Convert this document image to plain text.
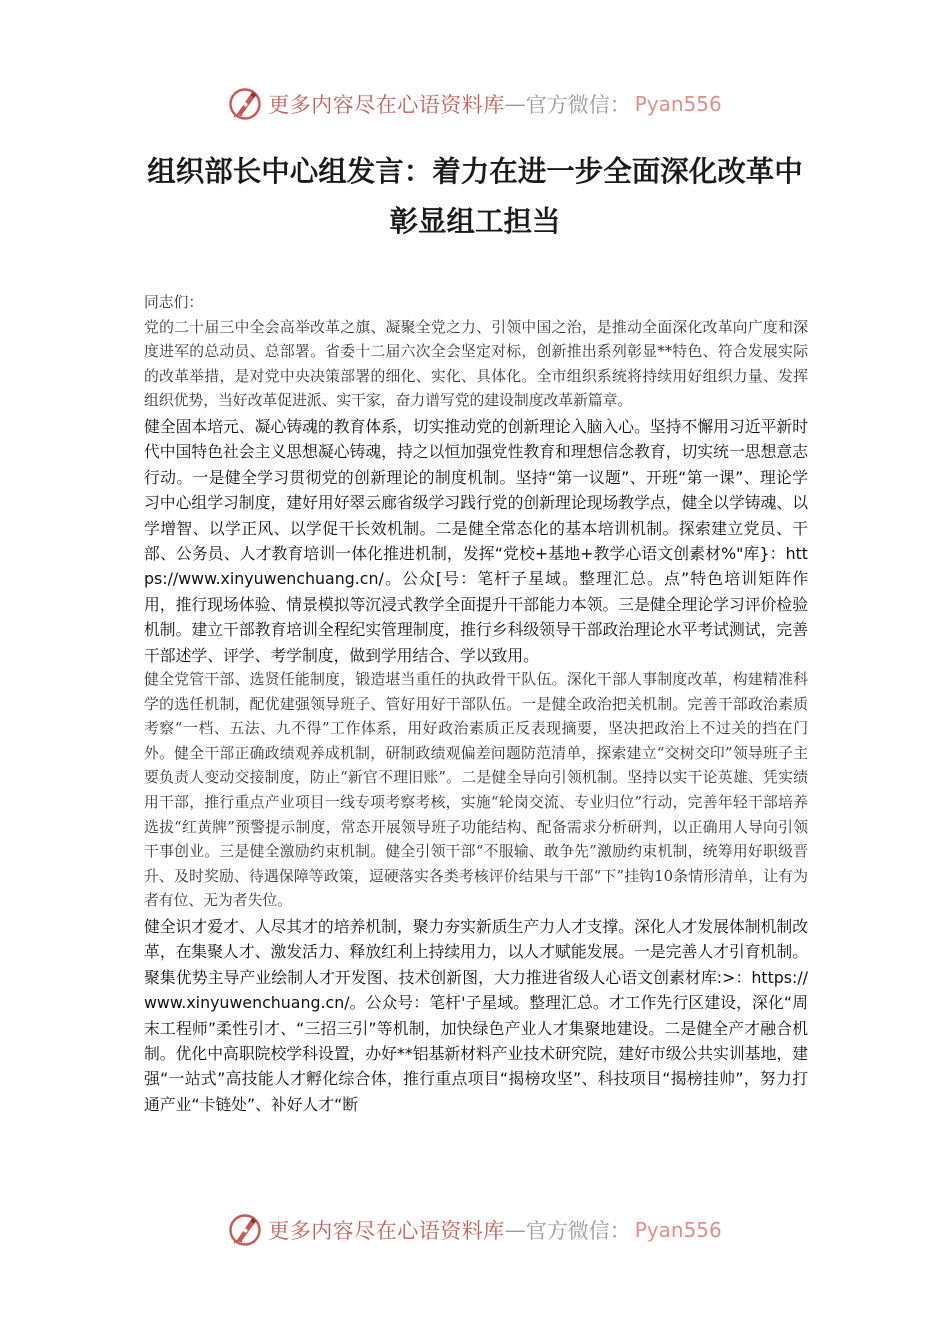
更多内容尽在心语资料库 — 官方微信： Pyan556
组织部长中心组发言：着力在进一步全面深化改革中
彰显组工担当

同志们：

党的二十届三中全会高举改革之旗、凝聚全党之力、引领中国之治，是推动全面深化改革向广度和深度进军的总动员、总部署。省委十二届六次全会坚定对标，创新推出系列彰显**特色、符合发展实际的改革举措，是对党中央决策部署的细化、实化、具体化。全市组织系统将持续用好组织力量、发挥组织优势，当好改革促进派、实干家，奋力谱写党的建设制度改革新篇章。

健全固本培元、凝心铸魂的教育体系，切实推动党的创新理论入脑入心。坚持不懈用习近平新时代中国特色社会主义思想凝心铸魂，持之以恒加强党性教育和理想信念教育，切实统一思想意志行动。一是健全学习贯彻党的创新理论的制度机制。坚持“第一议题”、开班“第一课”、理论学习中心组学习制度，建好用好翠云廊省级学习践行党的创新理论现场教学点，健全以学铸魂、以学增智、以学正风、以学促干长效机制。二是健全常态化的基本培训机制。探索建立党员、干部、公务员、人才教育培训一体化推进机制，发挥“党校+基地+教学心语文创素材%"库}：https://www.xinyuwenchuang.cn/。公众[号：笔杆子星域。整理汇总。点”特色培训矩阵作用，推行现场体验、情景模拟等沉浸式教学全面提升干部能力本领。三是健全理论学习评价检验机制。建立干部教育培训全程纪实管理制度，推行乡科级领导干部政治理论水平考试测试，完善干部述学、评学、考学制度，做到学用结合、学以致用。

健全党管干部、选贤任能制度，锻造堪当重任的执政骨干队伍。深化干部人事制度改革，构建精准科学的选任机制，配优建强领导班子、管好用好干部队伍。一是健全政治把关机制。完善干部政治素质考察“一档、五法、九不得”工作体系，用好政治素质正反表现摘要，坚决把政治上不过关的挡在门外。健全干部正确政绩观养成机制，研制政绩观偏差问题防范清单，探索建立“交树交印”领导班子主要负责人变动交接制度，防止“新官不理旧账”。二是健全导向引领机制。坚持以实干论英雄、凭实绩用干部，推行重点产业项目一线专项考察考核，实施“轮岗交流、专业归位”行动，完善年轻干部培养选拔“红黄牌”预警提示制度，常态开展领导班子功能结构、配备需求分析研判，以正确用人导向引领干事创业。三是健全激励约束机制。健全引领干部“不服输、敢争先”激励约束机制，统筹用好职级晋升、及时奖励、待遇保障等政策，逗硬落实各类考核评价结果与干部“下”挂钩10条情形清单，让有为者有位、无为者失位。

健全识才爱才、人尽其才的培养机制，聚力夯实新质生产力人才支撑。深化人才发展体制机制改革，在集聚人才、激发活力、释放红利上持续用力，以人才赋能发展。一是完善人才引育机制。聚集优势主导产业绘制人才开发图、技术创新图，大力推进省级人心语文创素材库:>：https://www.xinyuwenchuang.cn/。公众号：笔杆'子星域。整理汇总。才工作先行区建设，深化“周末工程师”柔性引才、“三招三引”等机制，加快绿色产业人才集聚地建设。二是健全产才融合机制。优化中高职院校学科设置，办好**铝基新材料产业技术研究院，建好市级公共实训基地，建强“一站式”高技能人才孵化综合体，推行重点项目“揭榜攻坚”、科技项目“揭榜挂帅”，努力打通产业“卡链处”、补好人才“断

更多内容尽在心语资料库 — 官方微信： Pyan556
